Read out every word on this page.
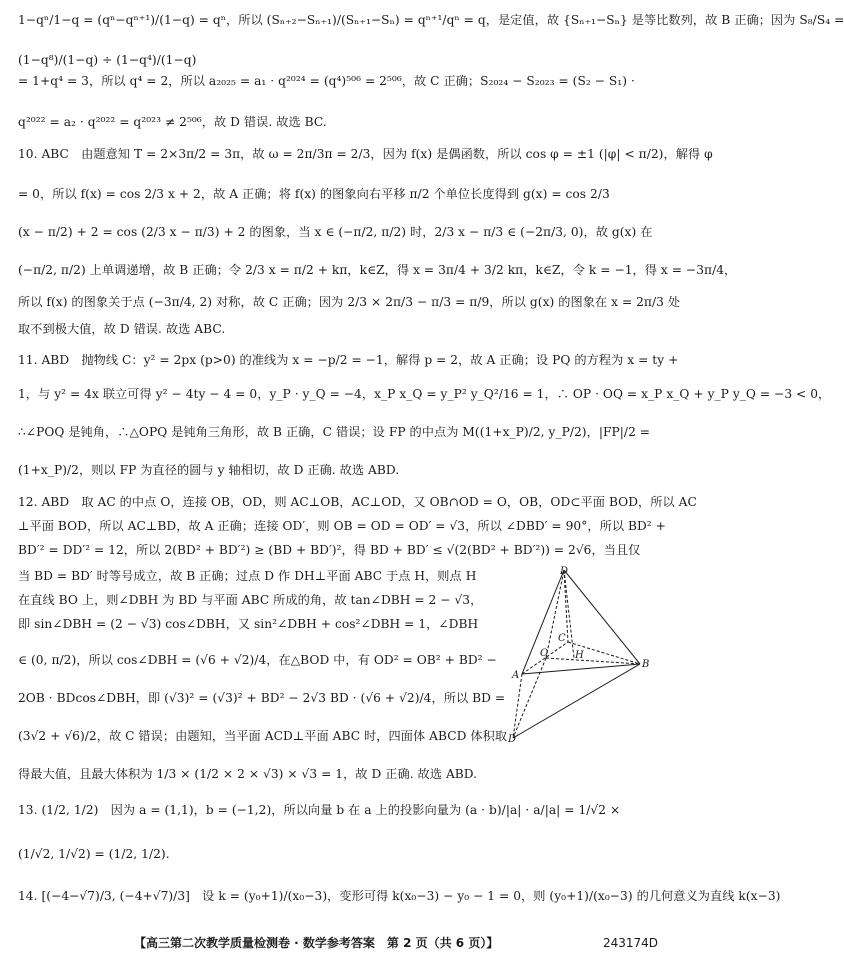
1−qⁿ/1−q = (qⁿ−qⁿ⁺¹)/(1−q) = qⁿ，所以 (Sₙ₊₂−Sₙ₊₁)/(Sₙ₊₁−Sₙ) = qⁿ⁺¹/qⁿ = q，是定值，故 {Sₙ₊₁−Sₙ} 是等比数列，故 B 正确；因为 S₈/S₄ =
(1−q⁸)/(1−q) ÷ (1−q⁴)/(1−q)
= 1+q⁴ = 3，所以 q⁴ = 2，所以 a₂₀₂₅ = a₁ · q²⁰²⁴ = (q⁴)⁵⁰⁶ = 2⁵⁰⁶，故 C 正确；S₂₀₂₄ − S₂₀₂₃ = (S₂ − S₁) ·
q²⁰²² = a₂ · q²⁰²² = q²⁰²³ ≠ 2⁵⁰⁶，故 D 错误. 故选 BC.
10. ABC　由题意知 T = 2×3π/2 = 3π，故 ω = 2π/3π = 2/3，因为 f(x) 是偶函数，所以 cos φ = ±1 (|φ| < π/2)，解得 φ
= 0，所以 f(x) = cos 2/3 x + 2，故 A 正确；将 f(x) 的图象向右平移 π/2 个单位长度得到 g(x) = cos 2/3
(x − π/2) + 2 = cos (2/3 x − π/3) + 2 的图象，当 x ∈ (−π/2, π/2) 时，2/3 x − π/3 ∈ (−2π/3, 0)，故 g(x) 在
(−π/2, π/2) 上单调递增，故 B 正确；令 2/3 x = π/2 + kπ，k∈Z，得 x = 3π/4 + 3/2 kπ，k∈Z，令 k = −1，得 x = −3π/4，
所以 f(x) 的图象关于点 (−3π/4, 2) 对称，故 C 正确；因为 2/3 × 2π/3 − π/3 = π/9，所以 g(x) 的图象在 x = 2π/3 处
取不到极大值，故 D 错误. 故选 ABC.
11. ABD　抛物线 C：y² = 2px (p>0) 的准线为 x = −p/2 = −1，解得 p = 2，故 A 正确；设 PQ 的方程为 x = ty +
1，与 y² = 4x 联立可得 y² − 4ty − 4 = 0，y_P · y_Q = −4，x_P x_Q = y_P² y_Q²/16 = 1，∴ OP · OQ = x_P x_Q + y_P y_Q = −3 < 0，
∴∠POQ 是钝角，∴△OPQ 是钝角三角形，故 B 正确，C 错误；设 FP 的中点为 M((1+x_P)/2, y_P/2)，|FP|/2 =
(1+x_P)/2，则以 FP 为直径的圆与 y 轴相切，故 D 正确. 故选 ABD.
12. ABD　取 AC 的中点 O，连接 OB，OD，则 AC⊥OB，AC⊥OD，又 OB∩OD = O，OB，OD⊂平面 BOD，所以 AC
⊥平面 BOD，所以 AC⊥BD，故 A 正确；连接 OD′，则 OB = OD = OD′ = √3，所以 ∠DBD′ = 90°，所以 BD² +
BD′² = DD′² = 12，所以 2(BD² + BD′²) ≥ (BD + BD′)²，得 BD + BD′ ≤ √(2(BD² + BD′²)) = 2√6，当且仅
当 BD = BD′ 时等号成立，故 B 正确；过点 D 作 DH⊥平面 ABC 于点 H，则点 H
在直线 BO 上，则∠DBH 为 BD 与平面 ABC 所成的角，故 tan∠DBH = 2 − √3，
即 sin∠DBH = (2 − √3) cos∠DBH，又 sin²∠DBH + cos²∠DBH = 1，∠DBH
∈ (0, π/2)，所以 cos∠DBH = (√6 + √2)/4，在△BOD 中，有 OD² = OB² + BD² −
2OB · BDcos∠DBH，即 (√3)² = (√3)² + BD² − 2√3 BD · (√6 + √2)/4，所以 BD =
(3√2 + √6)/2，故 C 错误；由题知，当平面 ACD⊥平面 ABC 时，四面体 ABCD 体积取
得最大值，且最大体积为 1/3 × (1/2 × 2 × √3) × √3 = 1，故 D 正确. 故选 ABD.
13. (1/2, 1/2)　因为 a = (1,1)，b = (−1,2)，所以向量 b 在 a 上的投影向量为 (a · b)/|a| · a/|a| = 1/√2 ×
(1/√2, 1/√2) = (1/2, 1/2).
14. [(−4−√7)/3, (−4+√7)/3]　设 k = (y₀+1)/(x₀−3)，变形可得 k(x₀−3) − y₀ − 1 = 0，则 (y₀+1)/(x₀−3) 的几何意义为直线 k(x−3)
D
D′
A
B
C
O	H
【高三第二次教学质量检测卷 · 数学参考答案　第 2 页（共 6 页）】	243174D
